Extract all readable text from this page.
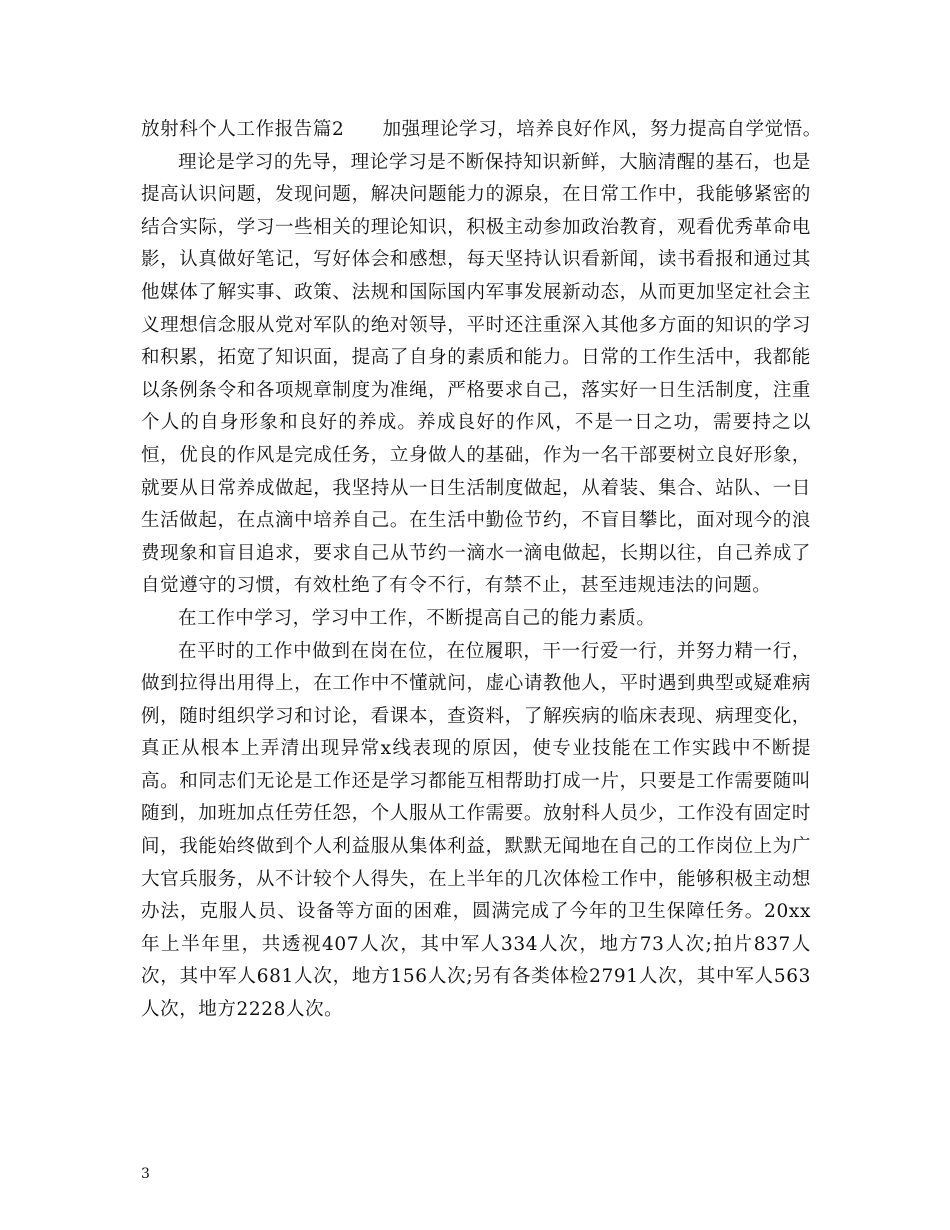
放射科个人工作报告篇2　　加强理论学习，培养良好作风，努力提高自学觉悟。

理论是学习的先导，理论学习是不断保持知识新鲜，大脑清醒的基石，也是提高认识问题，发现问题，解决问题能力的源泉，在日常工作中，我能够紧密的结合实际，学习一些相关的理论知识，积极主动参加政治教育，观看优秀革命电影，认真做好笔记，写好体会和感想，每天坚持认识看新闻，读书看报和通过其他媒体了解实事、政策、法规和国际国内军事发展新动态，从而更加坚定社会主义理想信念服从党对军队的绝对领导，平时还注重深入其他多方面的知识的学习和积累，拓宽了知识面，提高了自身的素质和能力。日常的工作生活中，我都能以条例条令和各项规章制度为准绳，严格要求自己，落实好一日生活制度，注重个人的自身形象和良好的养成。养成良好的作风，不是一日之功，需要持之以恒，优良的作风是完成任务，立身做人的基础，作为一名干部要树立良好形象，就要从日常养成做起，我坚持从一日生活制度做起，从着装、集合、站队、一日生活做起，在点滴中培养自己。在生活中勤俭节约，不盲目攀比，面对现今的浪费现象和盲目追求，要求自己从节约一滴水一滴电做起，长期以往，自己养成了自觉遵守的习惯，有效杜绝了有令不行，有禁不止，甚至违规违法的问题。

在工作中学习，学习中工作，不断提高自己的能力素质。

在平时的工作中做到在岗在位，在位履职，干一行爱一行，并努力精一行，做到拉得出用得上，在工作中不懂就问，虚心请教他人，平时遇到典型或疑难病例，随时组织学习和讨论，看课本，查资料，了解疾病的临床表现、病理变化，真正从根本上弄清出现异常x线表现的原因，使专业技能在工作实践中不断提高。和同志们无论是工作还是学习都能互相帮助打成一片，只要是工作需要随叫随到，加班加点任劳任怨，个人服从工作需要。放射科人员少，工作没有固定时间，我能始终做到个人利益服从集体利益，默默无闻地在自己的工作岗位上为广大官兵服务，从不计较个人得失，在上半年的几次体检工作中，能够积极主动想办法，克服人员、设备等方面的困难，圆满完成了今年的卫生保障任务。20xx年上半年里，共透视407人次，其中军人334人次，地方73人次;拍片837人次，其中军人681人次，地方156人次;另有各类体检2791人次，其中军人563人次，地方2228人次。

3
